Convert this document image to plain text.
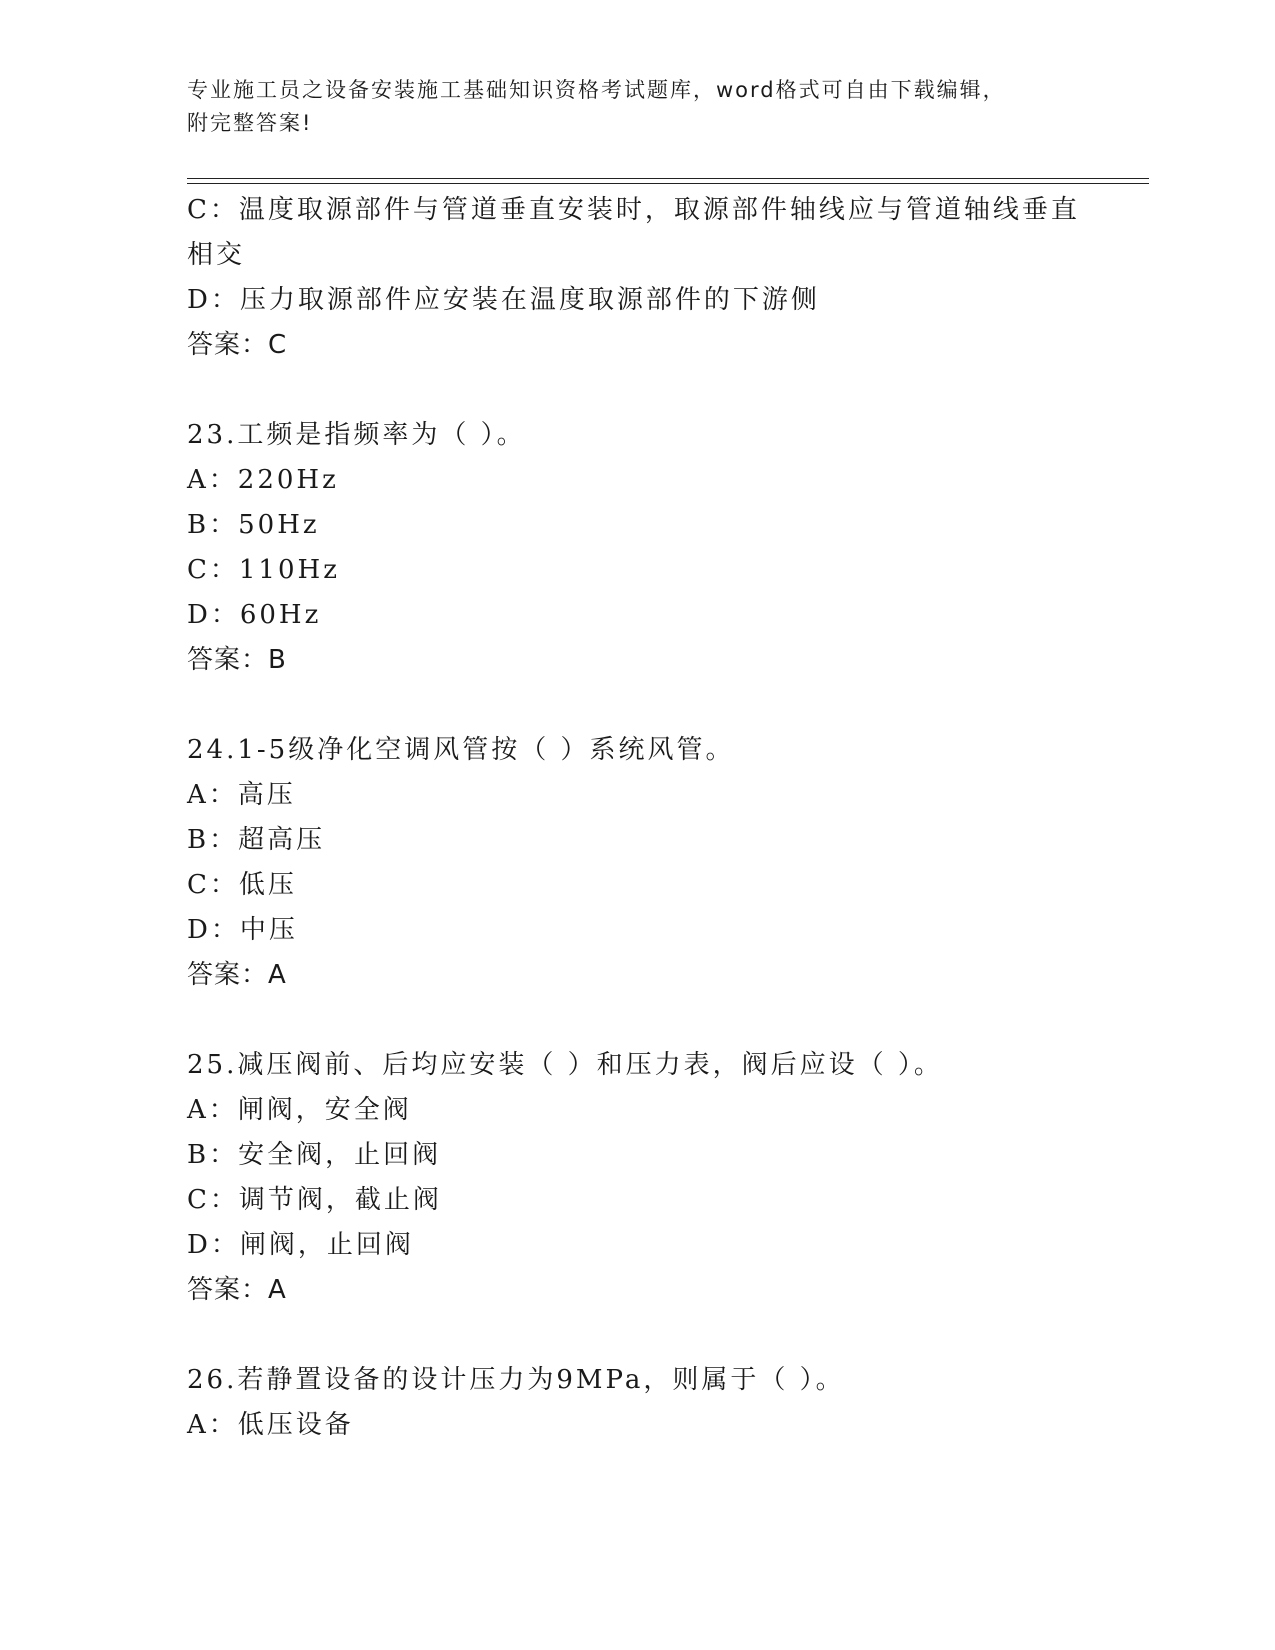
专业施工员之设备安装施工基础知识资格考试题库，word格式可自由下载编辑，
附完整答案!
C：温度取源部件与管道垂直安装时，取源部件轴线应与管道轴线垂直
相交
D：压力取源部件应安装在温度取源部件的下游侧
答案：C
23.工频是指频率为（ ）。
A：220Hz
B：50Hz
C：110Hz
D：60Hz
答案：B
24.1-5级净化空调风管按（ ）系统风管。
A：高压
B：超高压
C：低压
D：中压
答案：A
25.减压阀前、后均应安装（ ）和压力表，阀后应设（ ）。
A：闸阀，安全阀
B：安全阀，止回阀
C：调节阀，截止阀
D：闸阀，止回阀
答案：A
26.若静置设备的设计压力为9MPa，则属于（ ）。
A：低压设备
